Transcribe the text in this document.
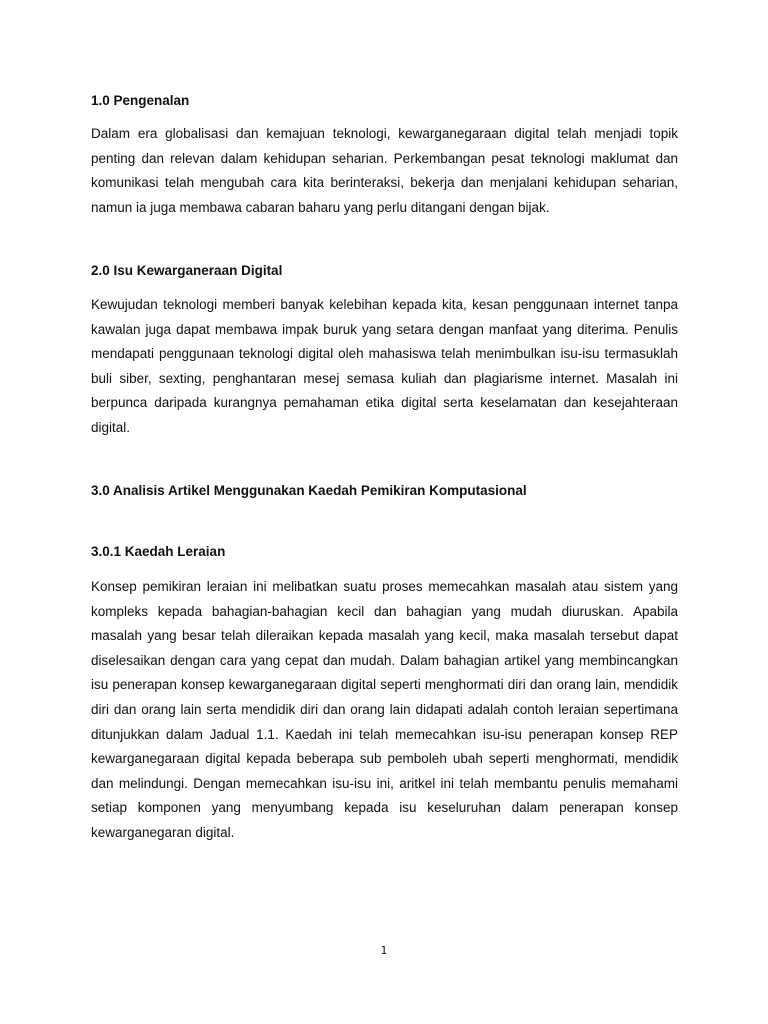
1.0 Pengenalan

Dalam era globalisasi dan kemajuan teknologi, kewarganegaraan digital telah menjadi topik penting dan relevan dalam kehidupan seharian. Perkembangan pesat teknologi maklumat dan komunikasi telah mengubah cara kita berinteraksi, bekerja dan menjalani kehidupan seharian, namun ia juga membawa cabaran baharu yang perlu ditangani dengan bijak.

2.0 Isu Kewarganeraan Digital

Kewujudan teknologi memberi banyak kelebihan kepada kita, kesan penggunaan internet tanpa kawalan juga dapat membawa impak buruk yang setara dengan manfaat yang diterima. Penulis mendapati penggunaan teknologi digital oleh mahasiswa telah menimbulkan isu-isu termasuklah buli siber, sexting, penghantaran mesej semasa kuliah dan plagiarisme internet. Masalah ini berpunca daripada kurangnya pemahaman etika digital serta keselamatan dan kesejahteraan digital.

3.0 Analisis Artikel Menggunakan Kaedah Pemikiran Komputasional
3.0.1 Kaedah Leraian

Konsep pemikiran leraian ini melibatkan suatu proses memecahkan masalah atau sistem yang kompleks kepada bahagian-bahagian kecil dan bahagian yang mudah diuruskan. Apabila masalah yang besar telah dileraikan kepada masalah yang kecil, maka masalah tersebut dapat diselesaikan dengan cara yang cepat dan mudah. Dalam bahagian artikel yang membincangkan isu penerapan konsep kewarganegaraan digital seperti menghormati diri dan orang lain, mendidik diri dan orang lain serta mendidik diri dan orang lain didapati adalah contoh leraian sepertimana ditunjukkan dalam Jadual 1.1. Kaedah ini telah memecahkan isu-isu penerapan konsep REP kewarganegaraan digital kepada beberapa sub pemboleh ubah seperti menghormati, mendidik dan melindungi. Dengan memecahkan isu-isu ini, aritkel ini telah membantu penulis memahami setiap komponen yang menyumbang kepada isu keseluruhan dalam penerapan konsep kewarganegaran digital.

1
